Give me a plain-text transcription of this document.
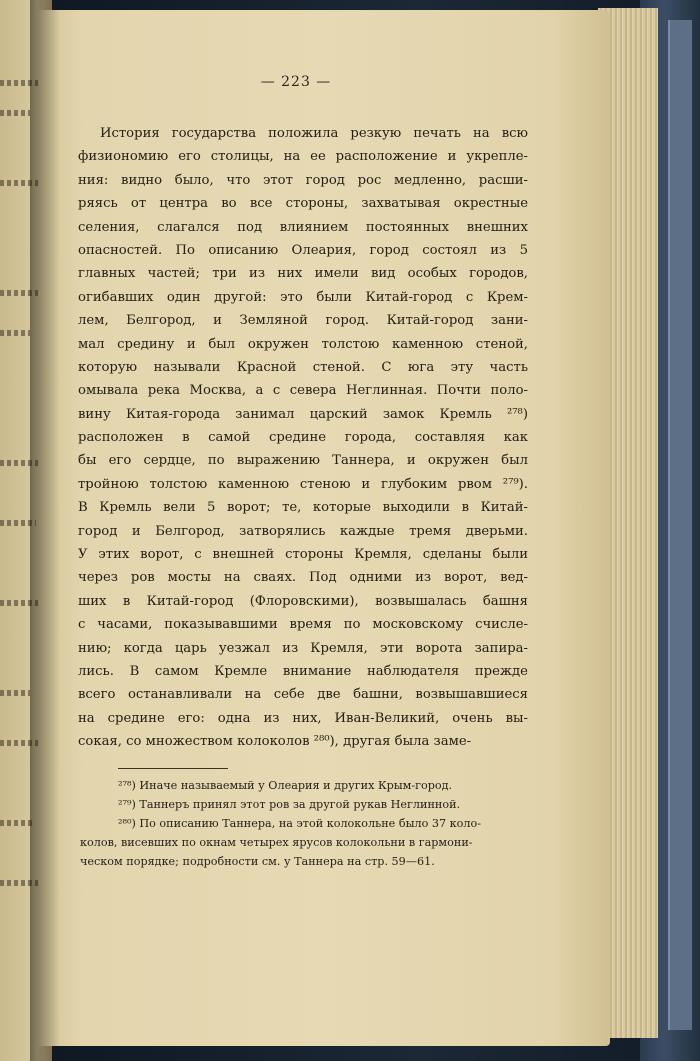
— 223 —
История государства положила резкую печать на всю
физиономию его столицы, на ее расположение и укрепле-
ния: видно было, что этот город рос медленно, расши-
ряясь от центра во все стороны, захватывая окрестные
селения, слагался под влиянием постоянных внешних
опасностей. По описанию Олеария, город состоял из 5
главных частей; три из них имели вид особых городов,
огибавших один другой: это были Китай-город с Крем-
лем, Белгород, и Земляной город. Китай-город зани-
мал средину и был окружен толстою каменною стеной,
которую называли Красной стеной. С юга эту часть
омывала река Москва, а с севера Неглинная. Почти поло-
вину Китая-города занимал царский замок Кремль ²⁷⁸)
расположен в самой средине города, составляя как
бы его сердце, по выражению Таннера, и окружен был
тройною толстою каменною стеною и глубоким рвом ²⁷⁹).
В Кремль вели 5 ворот; те, которые выходили в Китай-
город и Белгород, затворялись каждые тремя дверьми.
У этих ворот, с внешней стороны Кремля, сделаны были
через ров мосты на сваях. Под одними из ворот, вед-
ших в Китай-город (Флоровскими), возвышалась башня
с часами, показывавшими время по московскому счисле-
нию; когда царь уезжал из Кремля, эти ворота запира-
лись. В самом Кремле внимание наблюдателя прежде
всего останавливали на себе две башни, возвышавшиеся
на средине его: одна из них, Иван-Великий, очень вы-
сокая, со множеством колоколов ²⁸⁰), другая была заме-
²⁷⁸) Иначе называемый у Олеария и других Крым-город.
²⁷⁹) Таннеръ принял этот ров за другой рукав Неглинной.
²⁸⁰) По описанию Таннера, на этой колокольне было 37 коло-
колов, висевших по окнам четырех ярусов колокольни в гармони-
ческом порядке; подробности см. у Таннера на стр. 59—61.
